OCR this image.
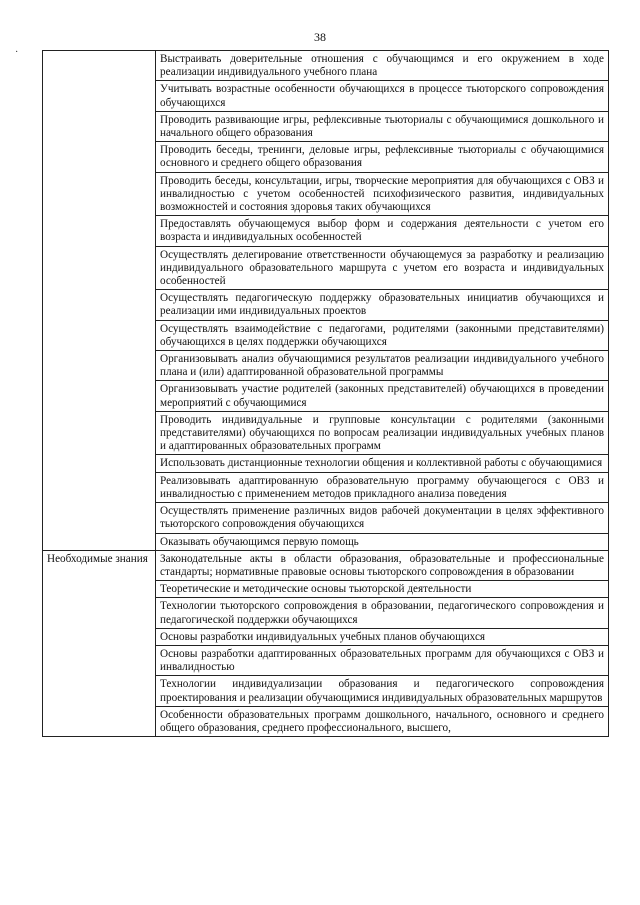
38
·
	Выстраивать доверительные отношения с обучающимся и его окружением в ходе реализации индивидуального учебного плана
	Учитывать возрастные особенности обучающихся в процессе тьюторского сопровождения обучающихся
	Проводить развивающие игры, рефлексивные тьюториалы с обучающимися дошкольного и начального общего образования
	Проводить беседы, тренинги, деловые игры, рефлексивные тьюториалы с обучающимися основного и среднего общего образования
	Проводить беседы, консультации, игры, творческие мероприятия для обучающихся с ОВЗ и инвалидностью с учетом особенностей психофизического развития, индивидуальных возможностей и состояния здоровья таких обучающихся
	Предоставлять обучающемуся выбор форм и содержания деятельности с учетом его возраста и индивидуальных особенностей
	Осуществлять делегирование ответственности обучающемуся за разработку и реализацию индивидуального образовательного маршрута с учетом его возраста и индивидуальных особенностей
	Осуществлять педагогическую поддержку образовательных инициатив обучающихся и реализации ими индивидуальных проектов
	Осуществлять взаимодействие с педагогами, родителями (законными представителями) обучающихся в целях поддержки обучающихся
	Организовывать анализ обучающимися результатов реализации индивидуального учебного плана и (или) адаптированной образовательной программы
	Организовывать участие родителей (законных представителей) обучающихся в проведении мероприятий с обучающимися
	Проводить индивидуальные и групповые консультации с родителями (законными представителями) обучающихся по вопросам реализации индивидуальных учебных планов и адаптированных образовательных программ
	Использовать дистанционные технологии общения и коллективной работы с обучающимися
	Реализовывать адаптированную образовательную программу обучающегося с ОВЗ и инвалидностью с применением методов прикладного анализа поведения
	Осуществлять применение различных видов рабочей документации в целях эффективного тьюторского сопровождения обучающихся
	Оказывать обучающимся первую помощь
Необходимые знания	Законодательные акты в области образования, образовательные и профессиональные стандарты; нормативные правовые основы тьюторского сопровождения в образовании
	Теоретические и методические основы тьюторской деятельности
	Технологии тьюторского сопровождения в образовании, педагогического сопровождения и педагогической поддержки обучающихся
	Основы разработки индивидуальных учебных планов обучающихся
	Основы разработки адаптированных образовательных программ для обучающихся с ОВЗ и инвалидностью
	Технологии индивидуализации образования и педагогического сопровождения проектирования и реализации обучающимися индивидуальных образовательных маршрутов
	Особенности образовательных программ дошкольного, начального, основного и среднего общего образования, среднего профессионального, высшего,
